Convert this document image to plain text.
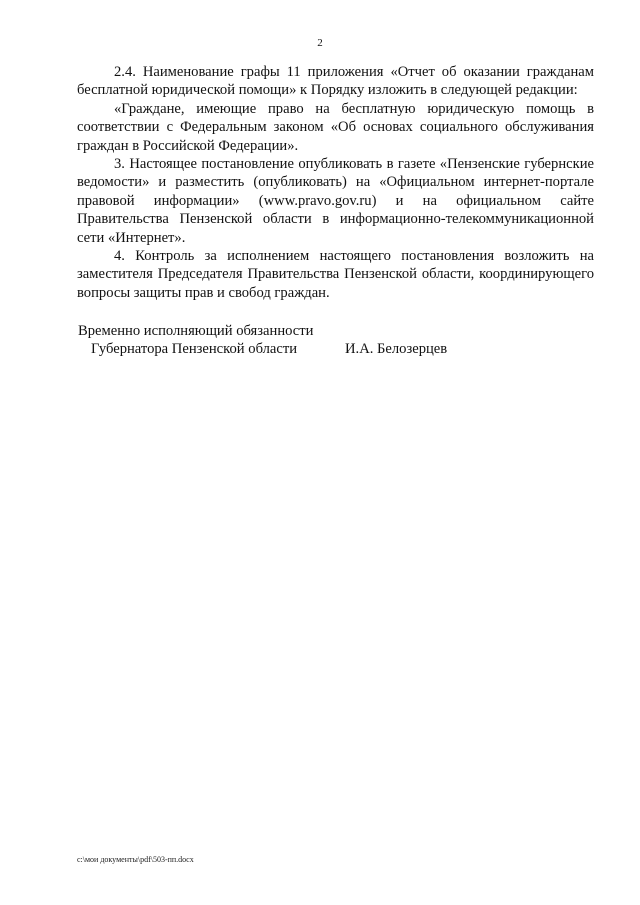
2

2.4. Наименование графы 11 приложения «Отчет об оказании гражданам бесплатной юридической помощи» к Порядку изложить в следующей редакции:

«Граждане, имеющие право на бесплатную юридическую помощь в соответствии с Федеральным законом «Об основах социального обслуживания граждан в Российской Федерации».

3. Настоящее постановление опубликовать в газете «Пензенские губернские ведомости» и разместить (опубликовать) на «Официальном интернет-портале правовой информации» (www.pravo.gov.ru) и на официальном сайте Правительства Пензенской области в информационно-телекоммуникационной сети «Интернет».

4. Контроль за исполнением настоящего постановления возложить на заместителя Председателя Правительства Пензенской области, координирующего вопросы защиты прав и свобод граждан.

Временно исполняющий обязанности

Губернатора Пензенской области	И.А. Белозерцев
c:\мои документы\pdf\503-пп.docx
